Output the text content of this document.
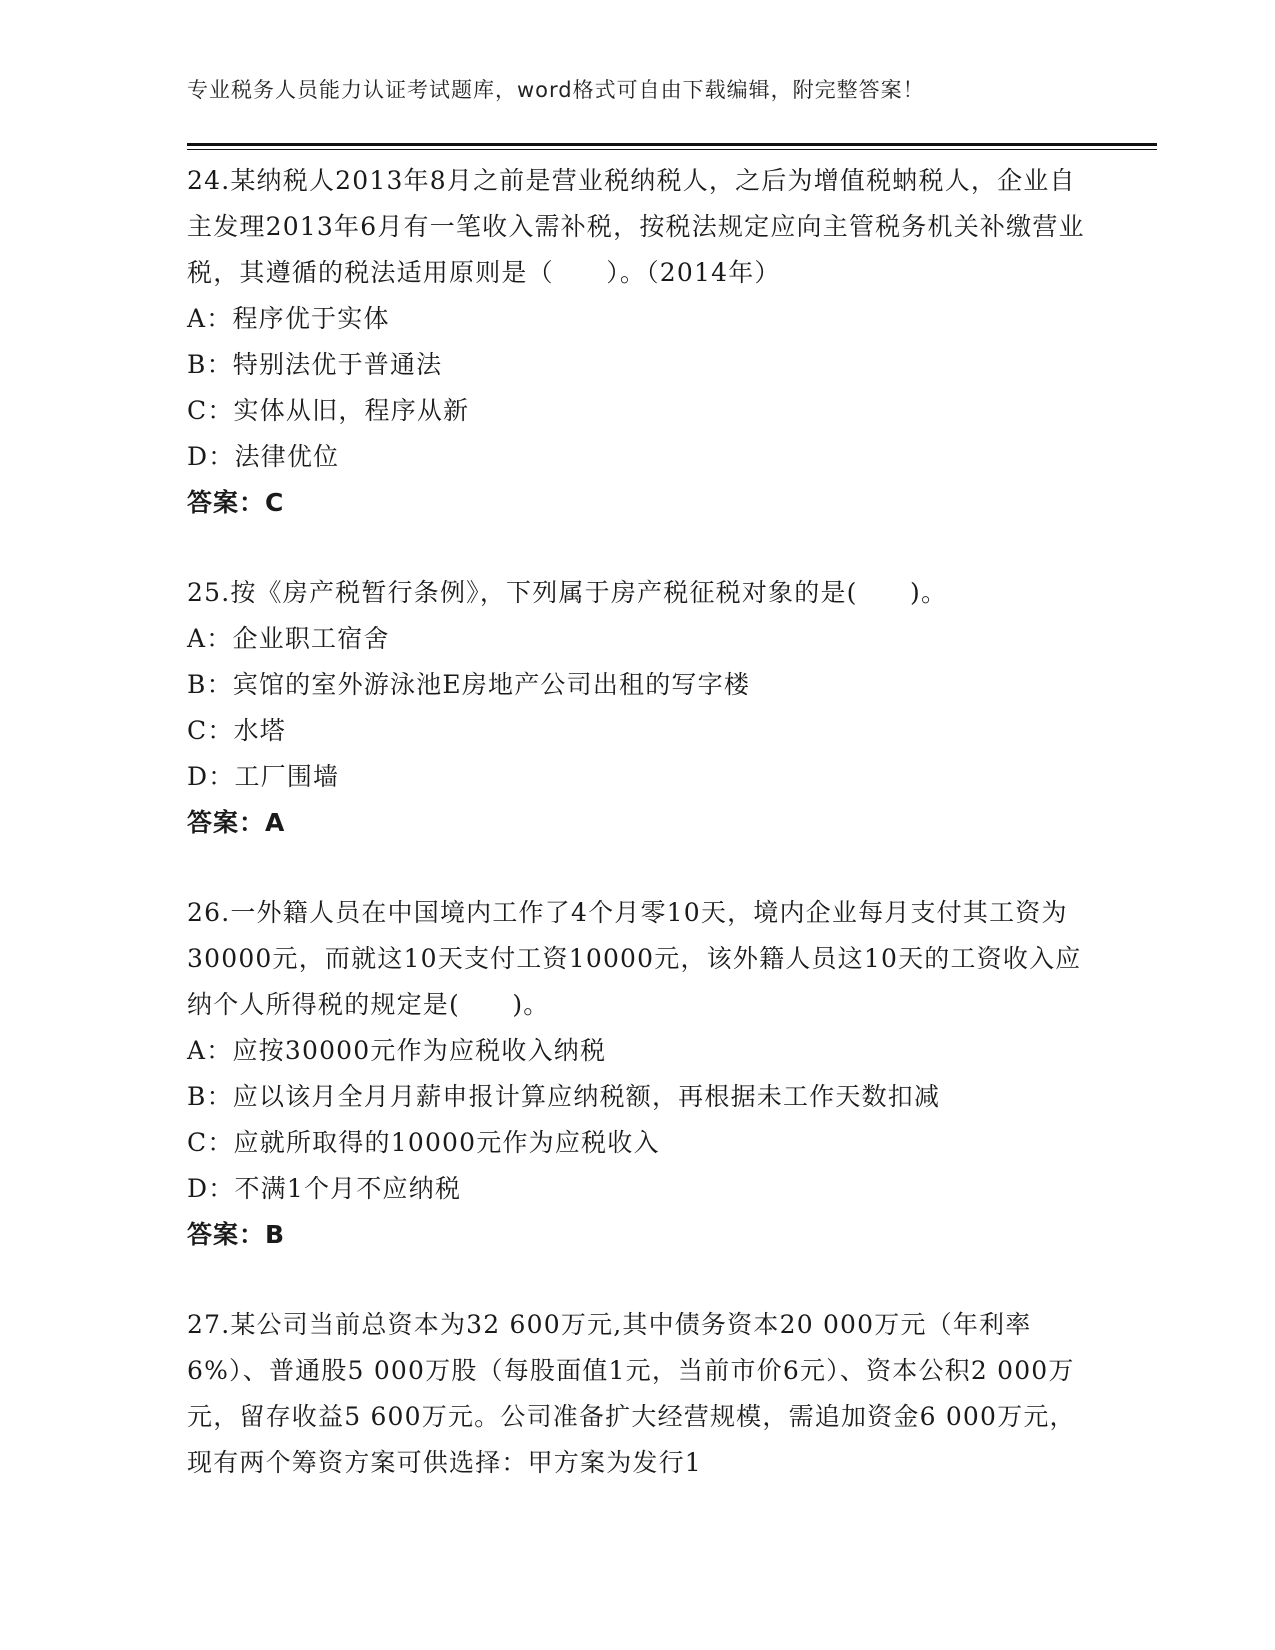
专业税务人员能力认证考试题库，word格式可自由下载编辑，附完整答案！
24.某纳税人2013年8月之前是营业税纳税人，之后为增值税蚋税人，企业自主发理2013年6月有一笔收入需补税，按税法规定应向主管税务机关补缴营业税，其遵循的税法适用原则是（　　）。（2014年）
A：程序优于实体
B：特别法优于普通法
C：实体从旧，程序从新
D：法律优位
答案：C
25.按《房产税暂行条例》，下列属于房产税征税对象的是(　　)。
A：企业职工宿舍
B：宾馆的室外游泳池E房地产公司出租的写字楼
C：水塔
D：工厂围墙
答案：A
26.一外籍人员在中国境内工作了4个月零10天，境内企业每月支付其工资为30000元，而就这10天支付工资10000元，该外籍人员这10天的工资收入应纳个人所得税的规定是(　　)。
A：应按30000元作为应税收入纳税
B：应以该月全月月薪申报计算应纳税额，再根据未工作天数扣减
C：应就所取得的10000元作为应税收入
D：不满1个月不应纳税
答案：B
27.某公司当前总资本为32 600万元,其中债务资本20 000万元（年利率6%）、普通股5 000万股（每股面值1元，当前市价6元）、资本公积2 000万元，留存收益5 600万元。公司准备扩大经营规模，需追加资金6 000万元，现有两个筹资方案可供选择：甲方案为发行1
